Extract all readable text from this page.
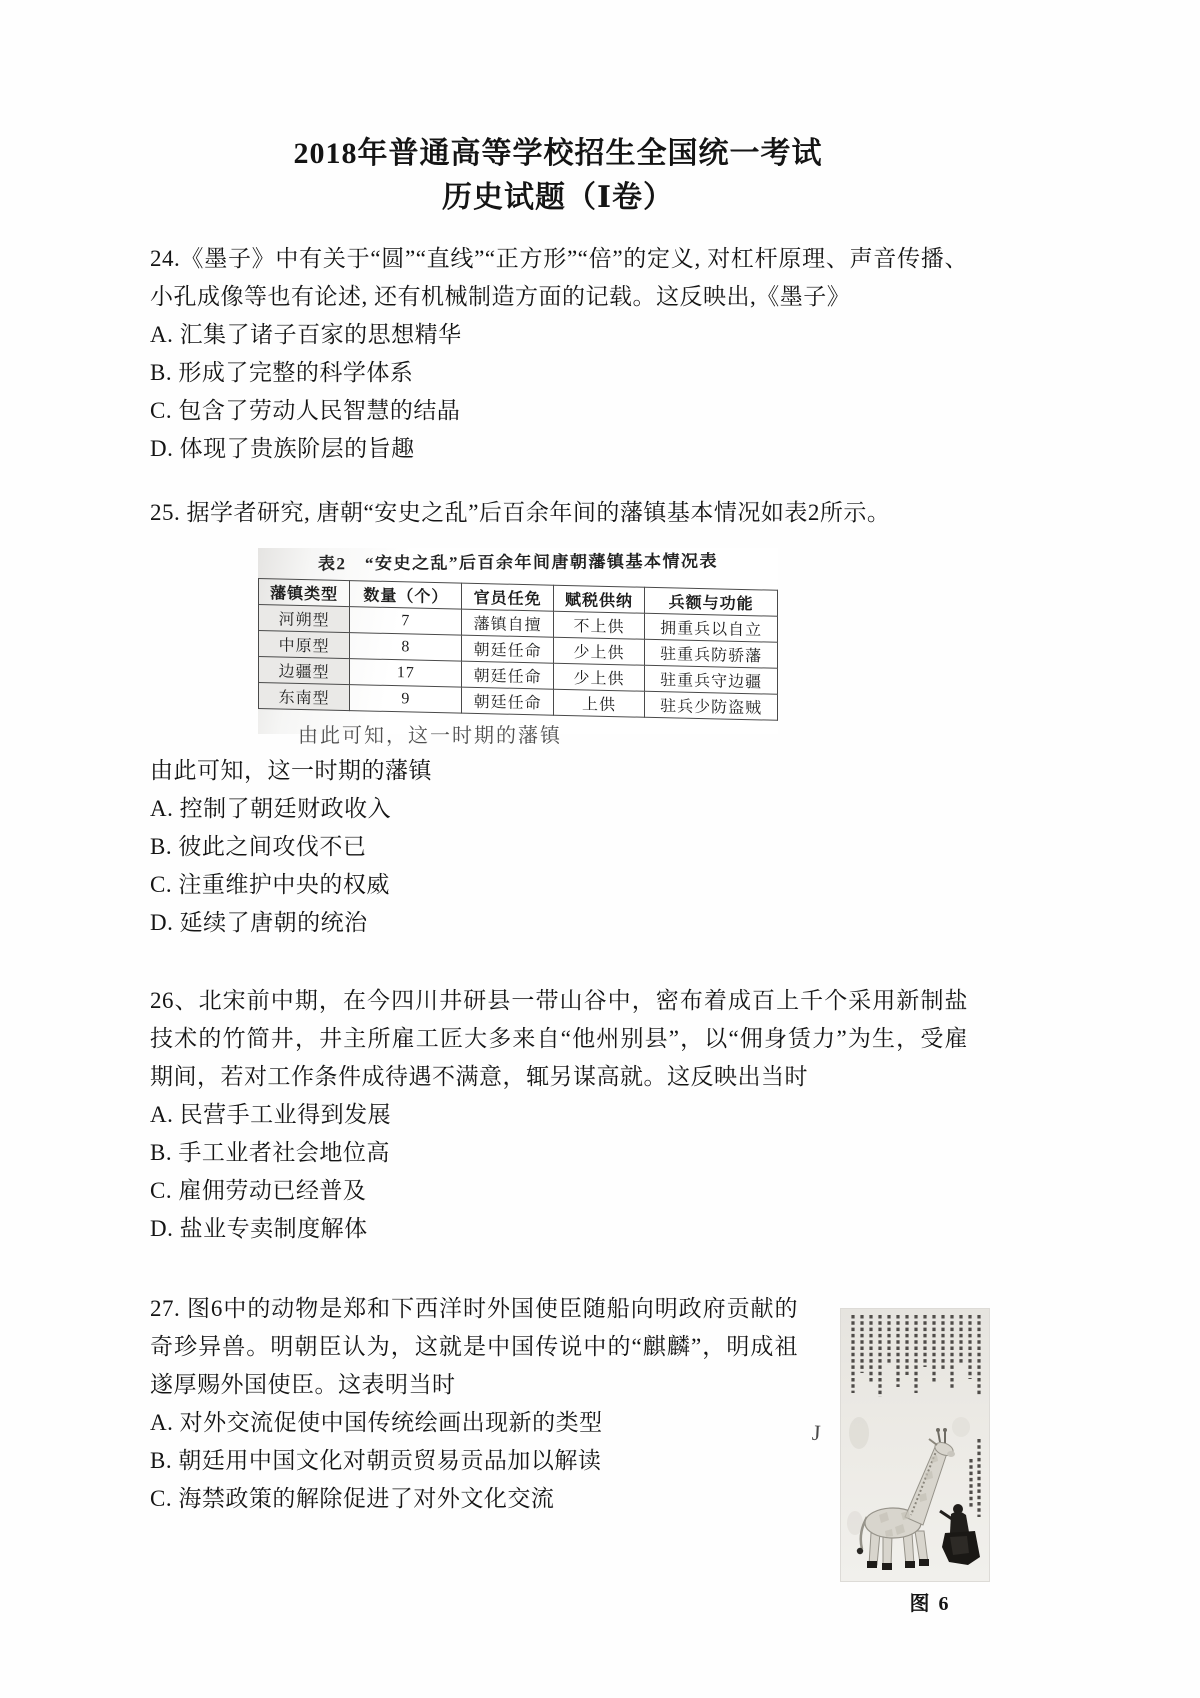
2018年普通高等学校招生全国统一考试
历史试题（Ⅰ卷）
24.《墨子》中有关于“圆”“直线”“正方形”“倍”的定义, 对杠杆原理、声音传播、小孔成像等也有论述, 还有机械制造方面的记载。这反映出,《墨子》
A. 汇集了诸子百家的思想精华
B. 形成了完整的科学体系
C. 包含了劳动人民智慧的结晶
D. 体现了贵族阶层的旨趣
25. 据学者研究, 唐朝“安史之乱”后百余年间的藩镇基本情况如表2所示。
表2　“安史之乱”后百余年间唐朝藩镇基本情况表
藩镇类型	数量（个）	官员任免	赋税供纳	兵额与功能
河朔型	7	藩镇自擅	不上供	拥重兵以自立
中原型	8	朝廷任命	少上供	驻重兵防骄藩
边疆型	17	朝廷任命	少上供	驻重兵守边疆
东南型	9	朝廷任命	上供	驻兵少防盗贼
由此可知，这一时期的藩镇
由此可知，这一时期的藩镇
A. 控制了朝廷财政收入
B. 彼此之间攻伐不已
C. 注重维护中央的权威
D. 延续了唐朝的统治
26、北宋前中期，在今四川井研县一带山谷中，密布着成百上千个采用新制盐技术的竹简井，井主所雇工匠大多来自“他州别县”，以“佣身赁力”为生，受雇期间，若对工作条件成待遇不满意，辄另谋高就。这反映出当时
A. 民营手工业得到发展
B. 手工业者社会地位高
C. 雇佣劳动已经普及
D. 盐业专卖制度解体
27. 图6中的动物是郑和下西洋时外国使臣随船向明政府贡献的奇珍异兽。明朝臣认为，这就是中国传说中的“麒麟”，明成祖遂厚赐外国使臣。这表明当时
A. 对外交流促使中国传统绘画出现新的类型
B. 朝廷用中国文化对朝贡贸易贡品加以解读
C. 海禁政策的解除促进了对外文化交流
J
图 6
